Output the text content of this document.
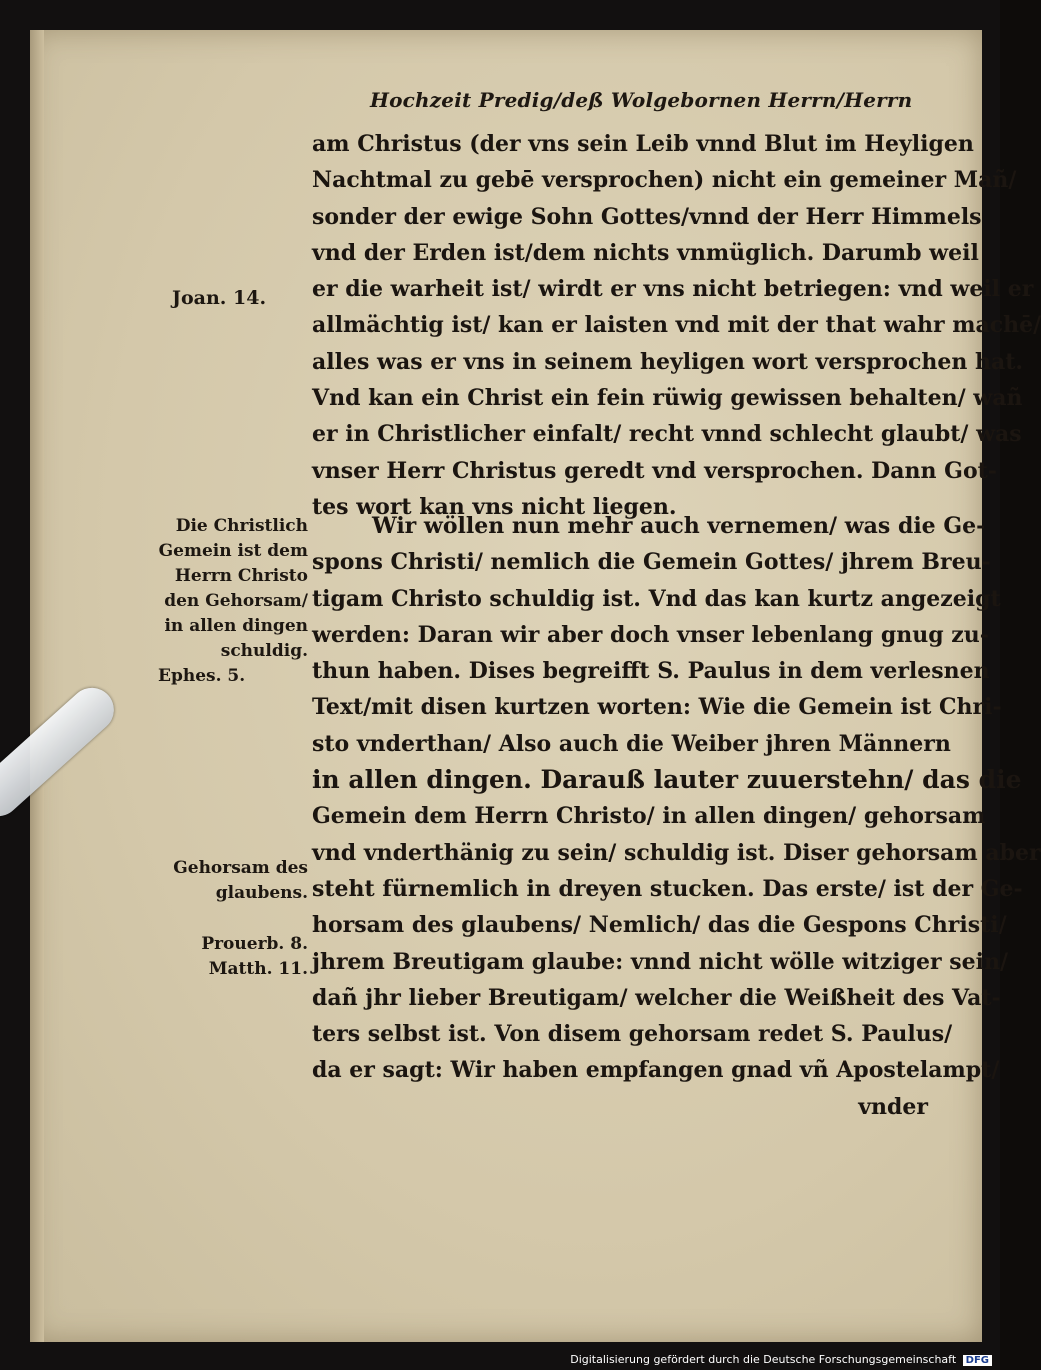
Hochzeit Predig/deß Wolgebornen Herrn/Herrn
am Christus (der vns sein Leib vnnd Blut im Heyligen
Nachtmal zu gebē versprochen) nicht ein gemeiner Mañ/
sonder der ewige Sohn Gottes/vnnd der Herr Himmels
vnd der Erden ist/dem nichts vnmüglich. Darumb weil
er die warheit ist/ wirdt er vns nicht betriegen: vnd weil er
allmächtig ist/ kan er laisten vnd mit der that wahr machē/
alles was er vns in seinem heyligen wort versprochen hat.
Vnd kan ein Christ ein fein rüwig gewissen behalten/ wañ
er in Christlicher einfalt/ recht vnnd schlecht glaubt/ was
vnser Herr Christus geredt vnd versprochen. Dann Got-
tes wort kan vns nicht liegen.
Wir wöllen nun mehr auch vernemen/ was die Ge-
spons Christi/ nemlich die Gemein Gottes/ jhrem Breu-
tigam Christo schuldig ist. Vnd das kan kurtz angezeigt
werden: Daran wir aber doch vnser lebenlang gnug zu-
thun haben. Dises begreifft S. Paulus in dem verlesnen
Text/mit disen kurtzen worten: Wie die Gemein ist Chri-
sto vnderthan/ Also auch die Weiber jhren Männern
in allen dingen. Darauß lauter zuuerstehn/ das die
Gemein dem Herrn Christo/ in allen dingen/ gehorsam
vnd vnderthänig zu sein/ schuldig ist. Diser gehorsam aber
steht fürnemlich in dreyen stucken. Das erste/ ist der Ge-
horsam des glaubens/ Nemlich/ das die Gespons Christi/
jhrem Breutigam glaube: vnnd nicht wölle witziger sein/
dañ jhr lieber Breutigam/ welcher die Weißheit des Vat-
ters selbst ist. Von disem gehorsam redet S. Paulus/
da er sagt: Wir haben empfangen gnad vñ Apostelampt/
vnder
Joan. 14.
Die Christlich
Gemein ist dem
Herrn Christo
den Gehorsam/
in allen dingen
schuldig.
Ephes. 5.
Gehorsam des
glaubens.
Prouerb. 8.
Matth. 11.
Digitalisierung gefördert durch die Deutsche Forschungsgemeinschaft DFG
